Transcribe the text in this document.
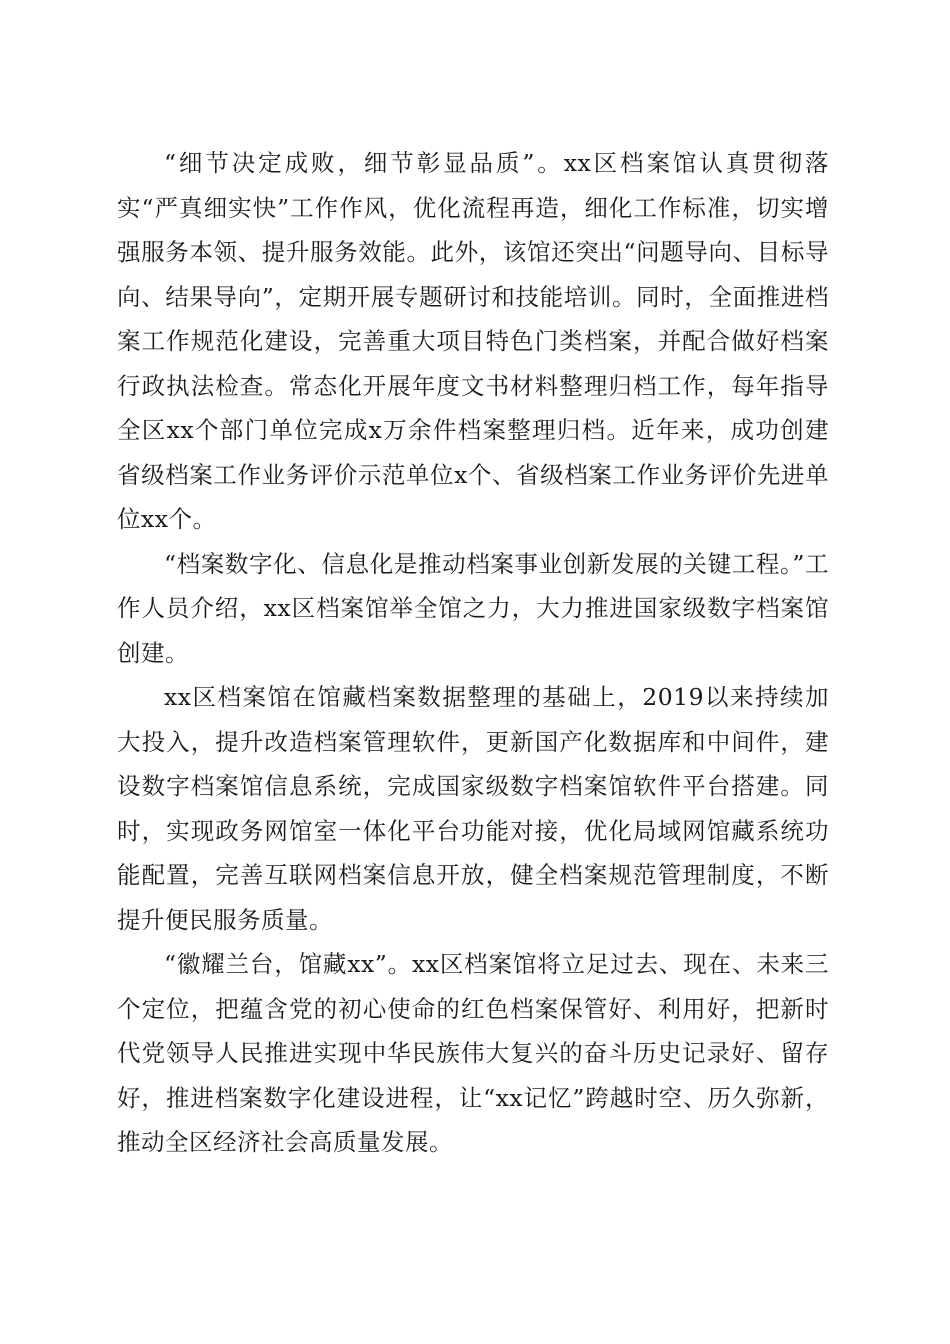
“细节决定成败，细节彰显品质”。xx区档案馆认真贯彻落实“严真细实快”工作作风，优化流程再造，细化工作标准，切实增强服务本领、提升服务效能。此外，该馆还突出“问题导向、目标导向、结果导向”，定期开展专题研讨和技能培训。同时，全面推进档案工作规范化建设，完善重大项目特色门类档案，并配合做好档案行政执法检查。常态化开展年度文书材料整理归档工作，每年指导全区xx个部门单位完成x万余件档案整理归档。近年来，成功创建省级档案工作业务评价示范单位x个、省级档案工作业务评价先进单位xx个。

“档案数字化、信息化是推动档案事业创新发展的关键工程。”工作人员介绍，xx区档案馆举全馆之力，大力推进国家级数字档案馆创建。

xx区档案馆在馆藏档案数据整理的基础上，2019以来持续加大投入，提升改造档案管理软件，更新国产化数据库和中间件，建设数字档案馆信息系统，完成国家级数字档案馆软件平台搭建。同时，实现政务网馆室一体化平台功能对接，优化局域网馆藏系统功能配置，完善互联网档案信息开放，健全档案规范管理制度，不断提升便民服务质量。

“徽耀兰台，馆藏xx”。xx区档案馆将立足过去、现在、未来三个定位，把蕴含党的初心使命的红色档案保管好、利用好，把新时代党领导人民推进实现中华民族伟大复兴的奋斗历史记录好、留存好，推进档案数字化建设进程，让“xx记忆”跨越时空、历久弥新，推动全区经济社会高质量发展。
